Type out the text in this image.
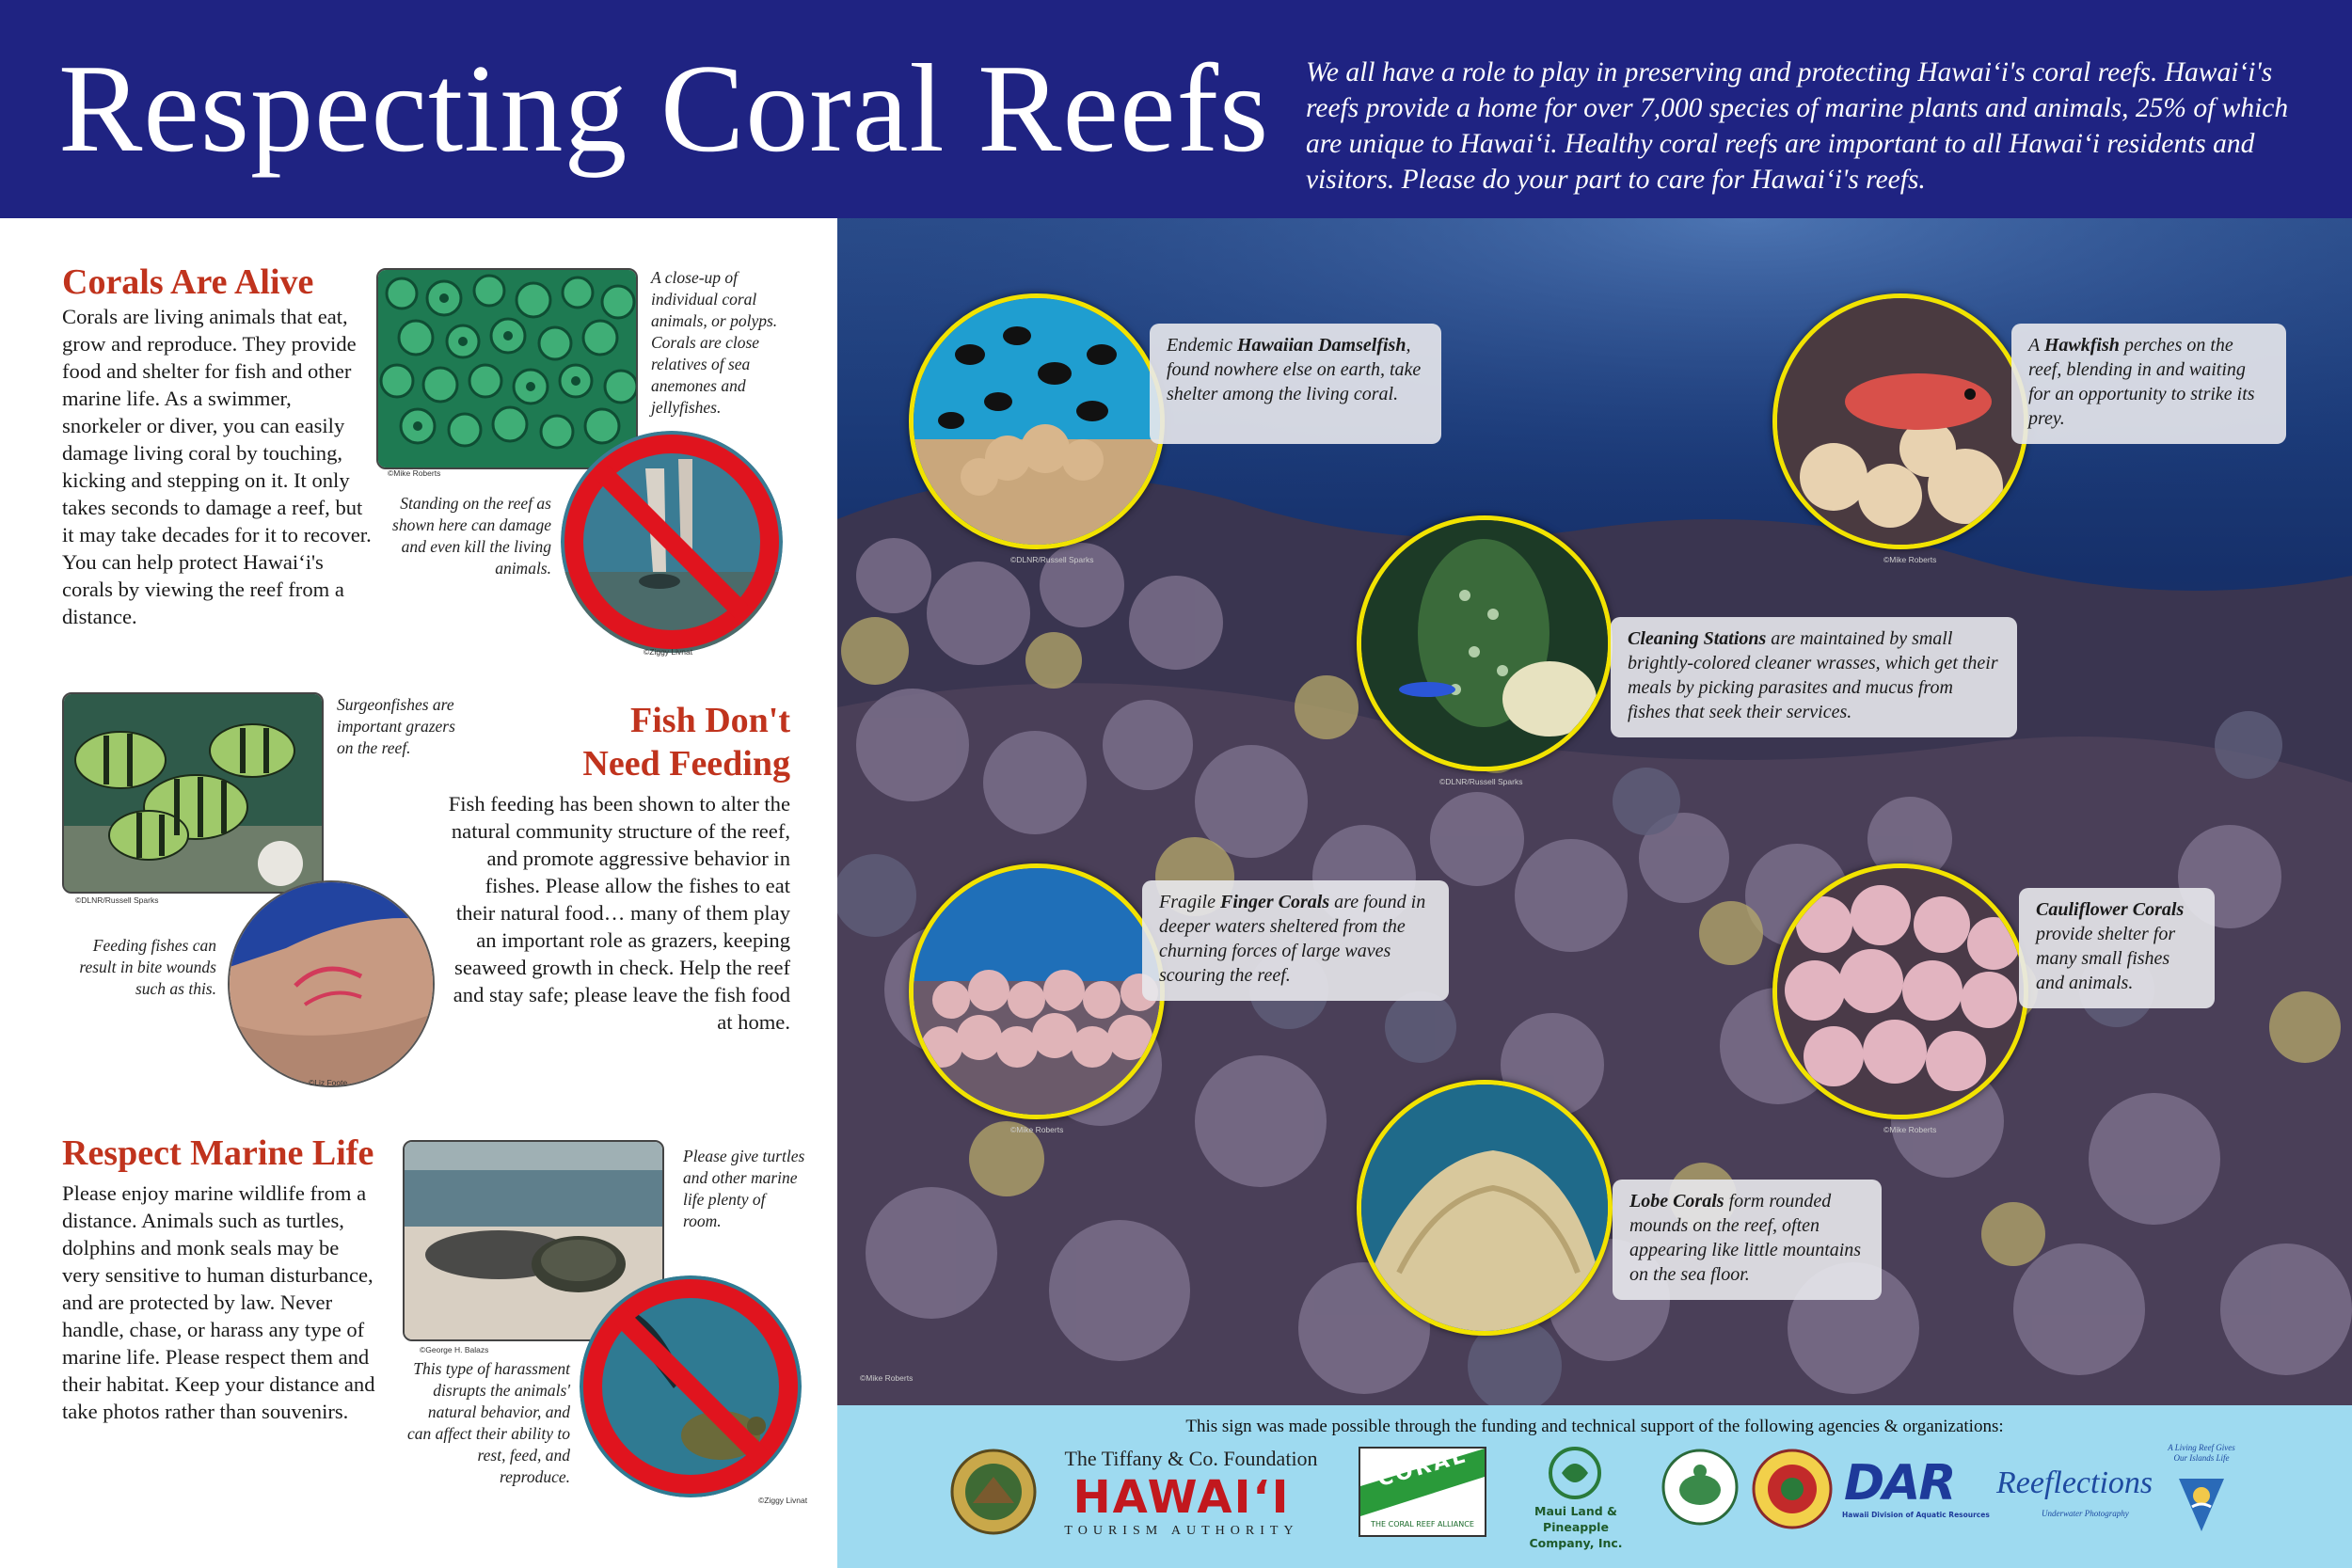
Respecting Coral Reefs We all have a role to play in preserving and protecting Hawaiʻi's coral reefs. Hawaiʻi's reefs provide a home for over 7,000 species of marine plants and animals, 25% of which are unique to Hawaiʻi. Healthy coral reefs are important to all Hawaiʻi residents and visitors. Please do your part to care for Hawaiʻi's reefs.
Corals Are Alive
Corals are living animals that eat, grow and reproduce. They provide food and shelter for fish and other marine life. As a swimmer, snorkeler or diver, you can easily damage living coral by touching, kicking and stepping on it. It only takes seconds to damage a reef, but it may take decades for it to recover. You can help protect Hawaiʻi's corals by viewing the reef from a distance.
©Mike Roberts
A close-up of individual coral animals, or polyps. Corals are close relatives of sea anemones and jellyfishes.
©Ziggy Livnat
Standing on the reef as shown here can damage and even kill the living animals.
©DLNR/Russell Sparks
Surgeonfishes are important grazers on the reef.
©Liz Foote
Feeding fishes can result in bite wounds such as this.
Fish Don't
Need Feeding
Fish feeding has been shown to alter the natural community structure of the reef, and promote aggressive behavior in fishes. Please allow the fishes to eat their natural food… many of them play an important role as grazers, keeping seaweed growth in check. Help the reef and stay safe; please leave the fish food at home.
Respect Marine Life
Please enjoy marine wildlife from a distance. Animals such as turtles, dolphins and monk seals may be very sensitive to human disturbance, and are protected by law. Never handle, chase, or harass any type of marine life. Please respect them and their habitat. Keep your distance and take photos rather than souvenirs.
©George H. Balazs
Please give turtles and other marine life plenty of room.
©Ziggy Livnat
This type of harassment disrupts the animals' natural behavior, and can affect their ability to rest, feed, and reproduce.
©DLNR/Russell Sparks
Endemic Hawaiian Damselfish, found nowhere else on earth, take shelter among the living coral.
©Mike Roberts
A Hawkfish perches on the reef, blending in and waiting for an opportunity to strike its prey.
©DLNR/Russell Sparks
Cleaning Stations are maintained by small brightly-colored cleaner wrasses, which get their meals by picking parasites and mucus from fishes that seek their services.
©Mike Roberts
Fragile Finger Corals are found in deeper waters sheltered from the churning forces of large waves scouring the reef.
©Mike Roberts
Cauliflower Corals provide shelter for many small fishes and animals.
Lobe Corals form rounded mounds on the reef, often appearing like little mountains on the sea floor.
©Mike Roberts
This sign was made possible through the funding and technical support of the following agencies & organizations:
The Tiffany & Co. Foundation
HAWAIʻI
TOURISM AUTHORITY
CORAL
THE CORAL REEF ALLIANCE
Maui Land & Pineapple
Company, Inc.
DAR
Hawaii Division of Aquatic Resources
Reeflections
Underwater Photography
A Living Reef Gives Our Islands Life
